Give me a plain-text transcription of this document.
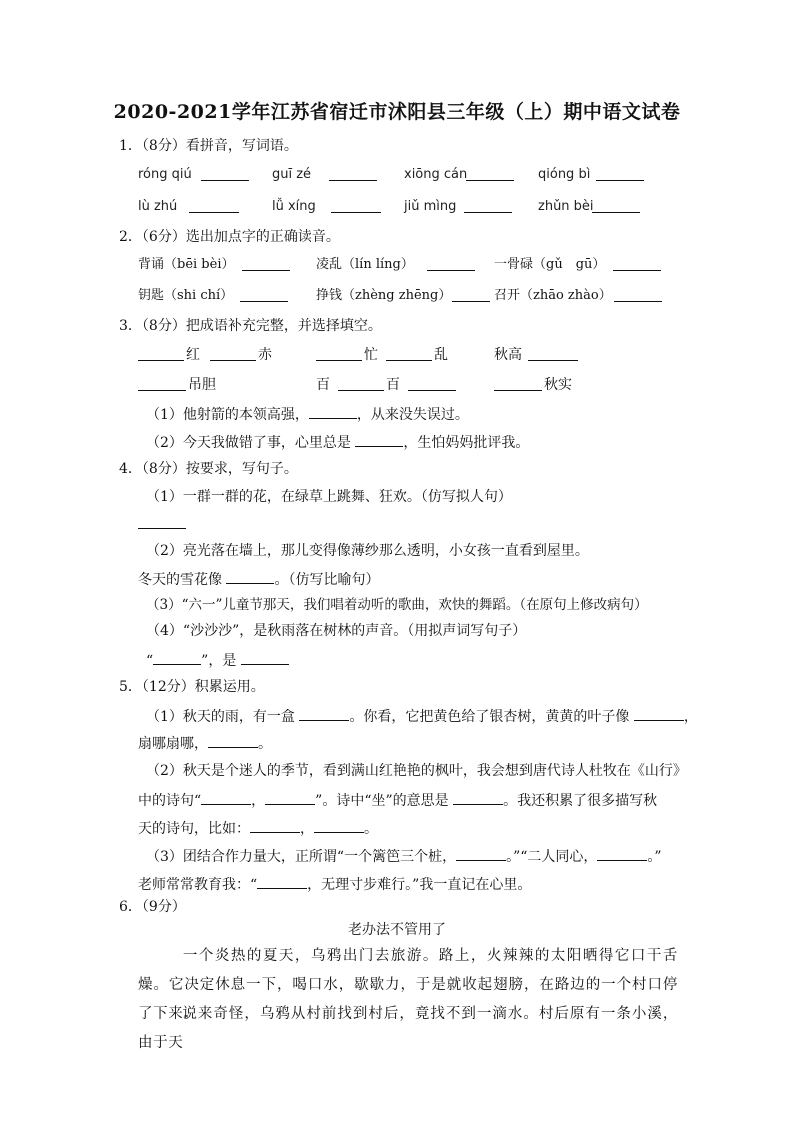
2020-2021学年江苏省宿迁市沭阳县三年级（上）期中语文试卷
1．（8分）看拼音，写词语。
róng qiú	guī zé	xiōng cán	qióng bì
lù zhú	lǚ xíng	jiǔ mìng	zhǔn bèi
2．（6分）选出加点字的正确读音。
背诵（bēi bèi）	凌乱（lín líng）	一骨碌（gǔ　gū）
钥匙（shi chí）	挣钱（zhèng zhēng）	召开（zhāo zhào）
3．（8分）把成语补充完整，并选择填空。
红	赤	忙	乱	秋高
吊胆	百	百	秋实
（1）他射箭的本领高强，	，从来没失误过。
（2）今天我做错了事，心里总是	，生怕妈妈批评我。
4．（8分）按要求，写句子。
（1）一群一群的花，在绿草上跳舞、狂欢。（仿写拟人句）
（2）亮光落在墙上，那儿变得像薄纱那么透明，小女孩一直看到屋里。
冬天的雪花像	。（仿写比喻句）
（3）“六一”儿童节那天，我们唱着动听的歌曲，欢快的舞蹈。（在原句上修改病句）
（4）“沙沙沙”，是秋雨落在树林的声音。（用拟声词写句子）
“	”，是
5．（12分）积累运用。
（1）秋天的雨，有一盒	。你看，它把黄色给了银杏树，黄黄的叶子像	，
扇哪扇哪，	。
（2）秋天是个迷人的季节，看到满山红艳艳的枫叶，我会想到唐代诗人杜牧在《山行》
中的诗句“	，	”。诗中“坐”的意思是	。我还积累了很多描写秋
天的诗句，比如：	，	。
（3）团结合作力量大，正所谓“一个篱笆三个桩，	。”“二人同心，	。”
老师常常教育我：“	，无理寸步难行。”我一直记在心里。
6．（9分）
老办法不管用了
一个炎热的夏天，乌鸦出门去旅游。路上，火辣辣的太阳晒得它口干舌燥。它决定休息一下，喝口水，歇歇力，于是就收起翅膀，在路边的一个村口停了下来。
说来奇怪，乌鸦从村前找到村后，竟找不到一滴水。村后原有一条小溪，由于天
